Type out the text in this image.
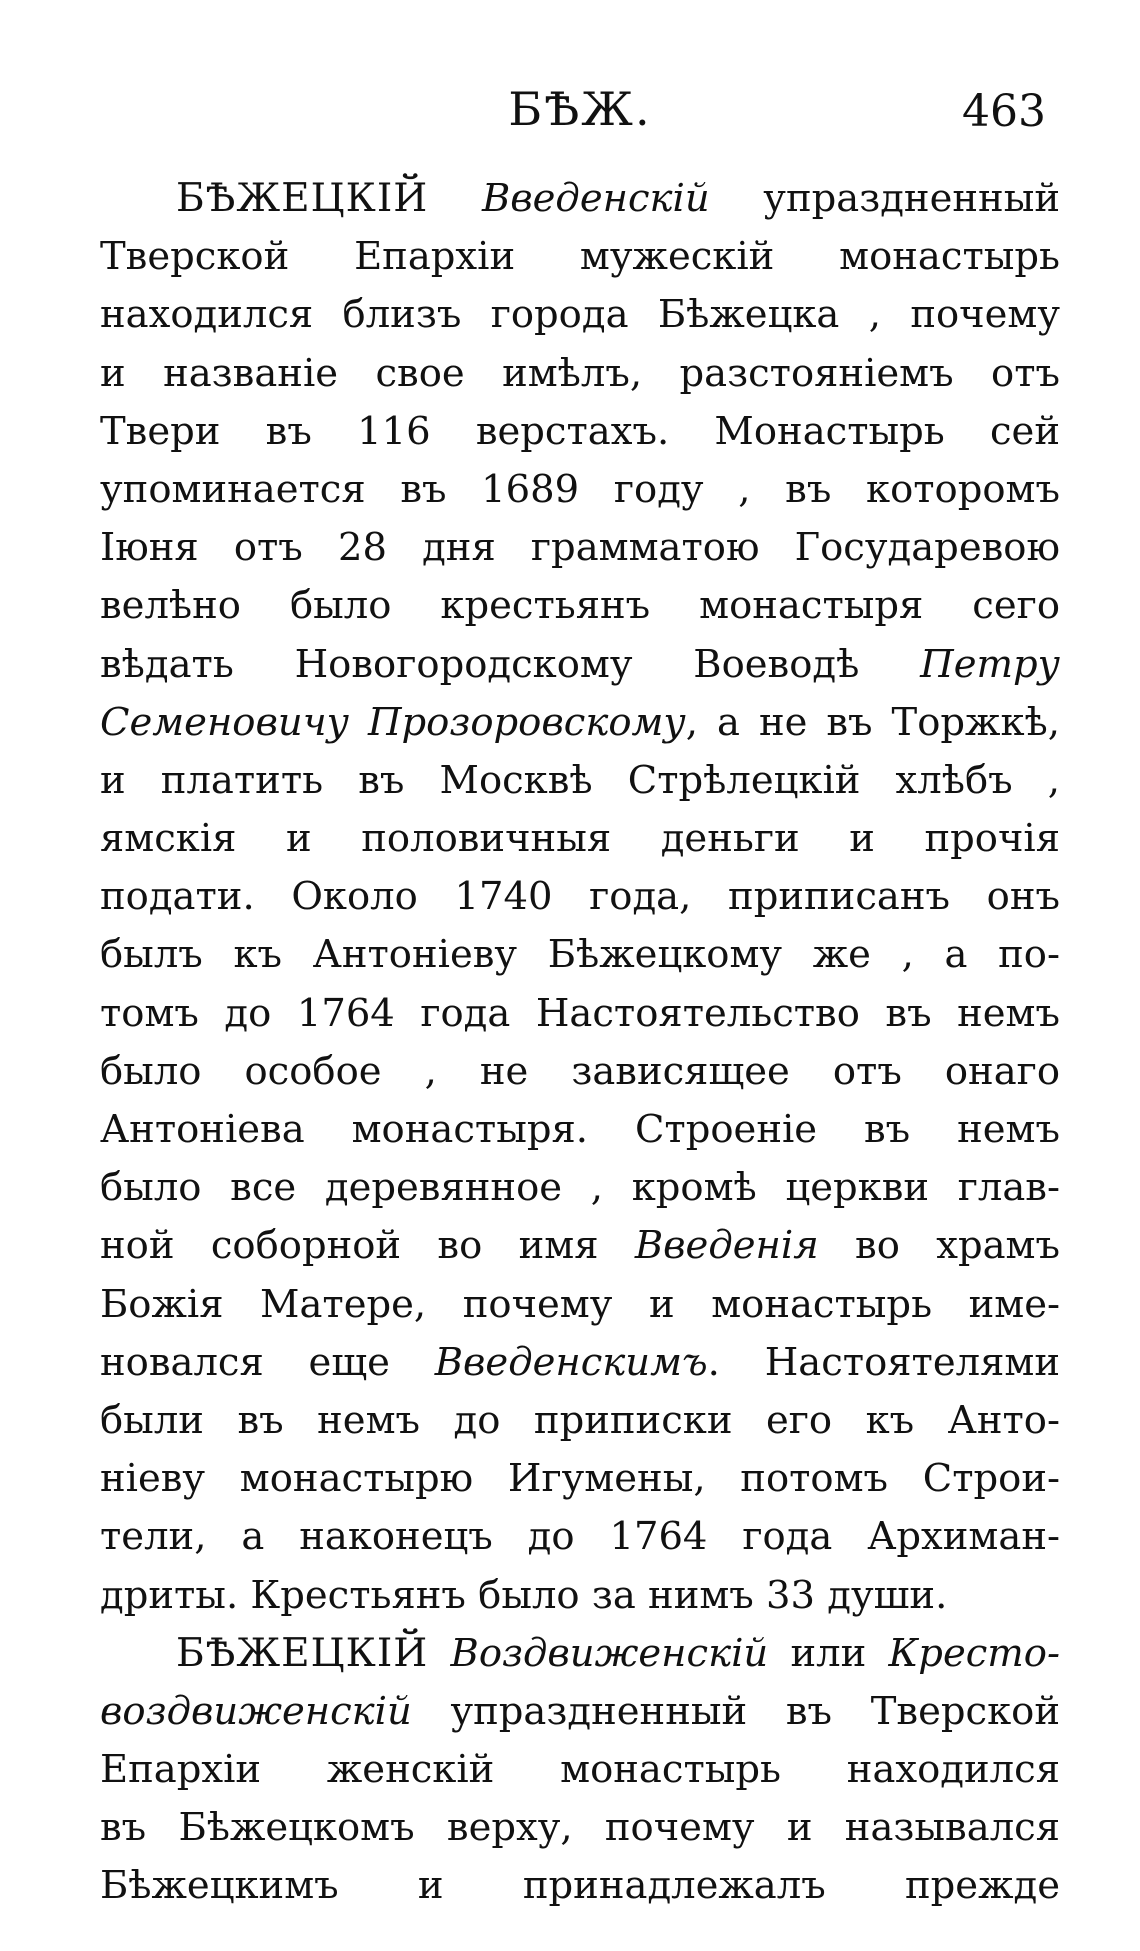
БѢЖ.	463
БѢЖЕЦКІЙ Введенскій упраздненный
Тверской Епархіи мужескій монастырь
находился близъ города Бѣжецка , почему
и названіе свое имѣлъ, разстояніемъ отъ
Твери въ 116 верстахъ. Монастырь сей
упоминается въ 1689 году , въ которомъ
Іюня отъ 28 дня грамматою Государевою
велѣно было крестьянъ монастыря сего
вѣдать Новогородскому Воеводѣ Петру
Семеновичу Прозоровскому, а не въ Торжкѣ,
и платить въ Москвѣ Стрѣлецкій хлѣбъ ,
ямскія и половичныя деньги и прочія
подати. Около 1740 года, приписанъ онъ
былъ къ Антоніеву Бѣжецкому же , а по-
томъ до 1764 года Настоятельство въ немъ
было особое , не зависящее отъ онаго
Антоніева монастыря. Строеніе въ немъ
было все деревянное , кромѣ церкви глав-
ной соборной во имя Введенія во храмъ
Божія Матере, почему и монастырь име-
новался еще Введенскимъ. Настоятелями
были въ немъ до приписки его къ Анто-
ніеву монастырю Игумены, потомъ Строи-
тели, а наконецъ до 1764 года Архиман-
дриты. Крестьянъ было за нимъ 33 души.
БѢЖЕЦКІЙ Воздвиженскій или Кресто-
воздвиженскій упраздненный въ Тверской
Епархіи женскій монастырь находился
въ Бѣжецкомъ верху, почему и назывался
Бѣжецкимъ и принадлежалъ прежде
